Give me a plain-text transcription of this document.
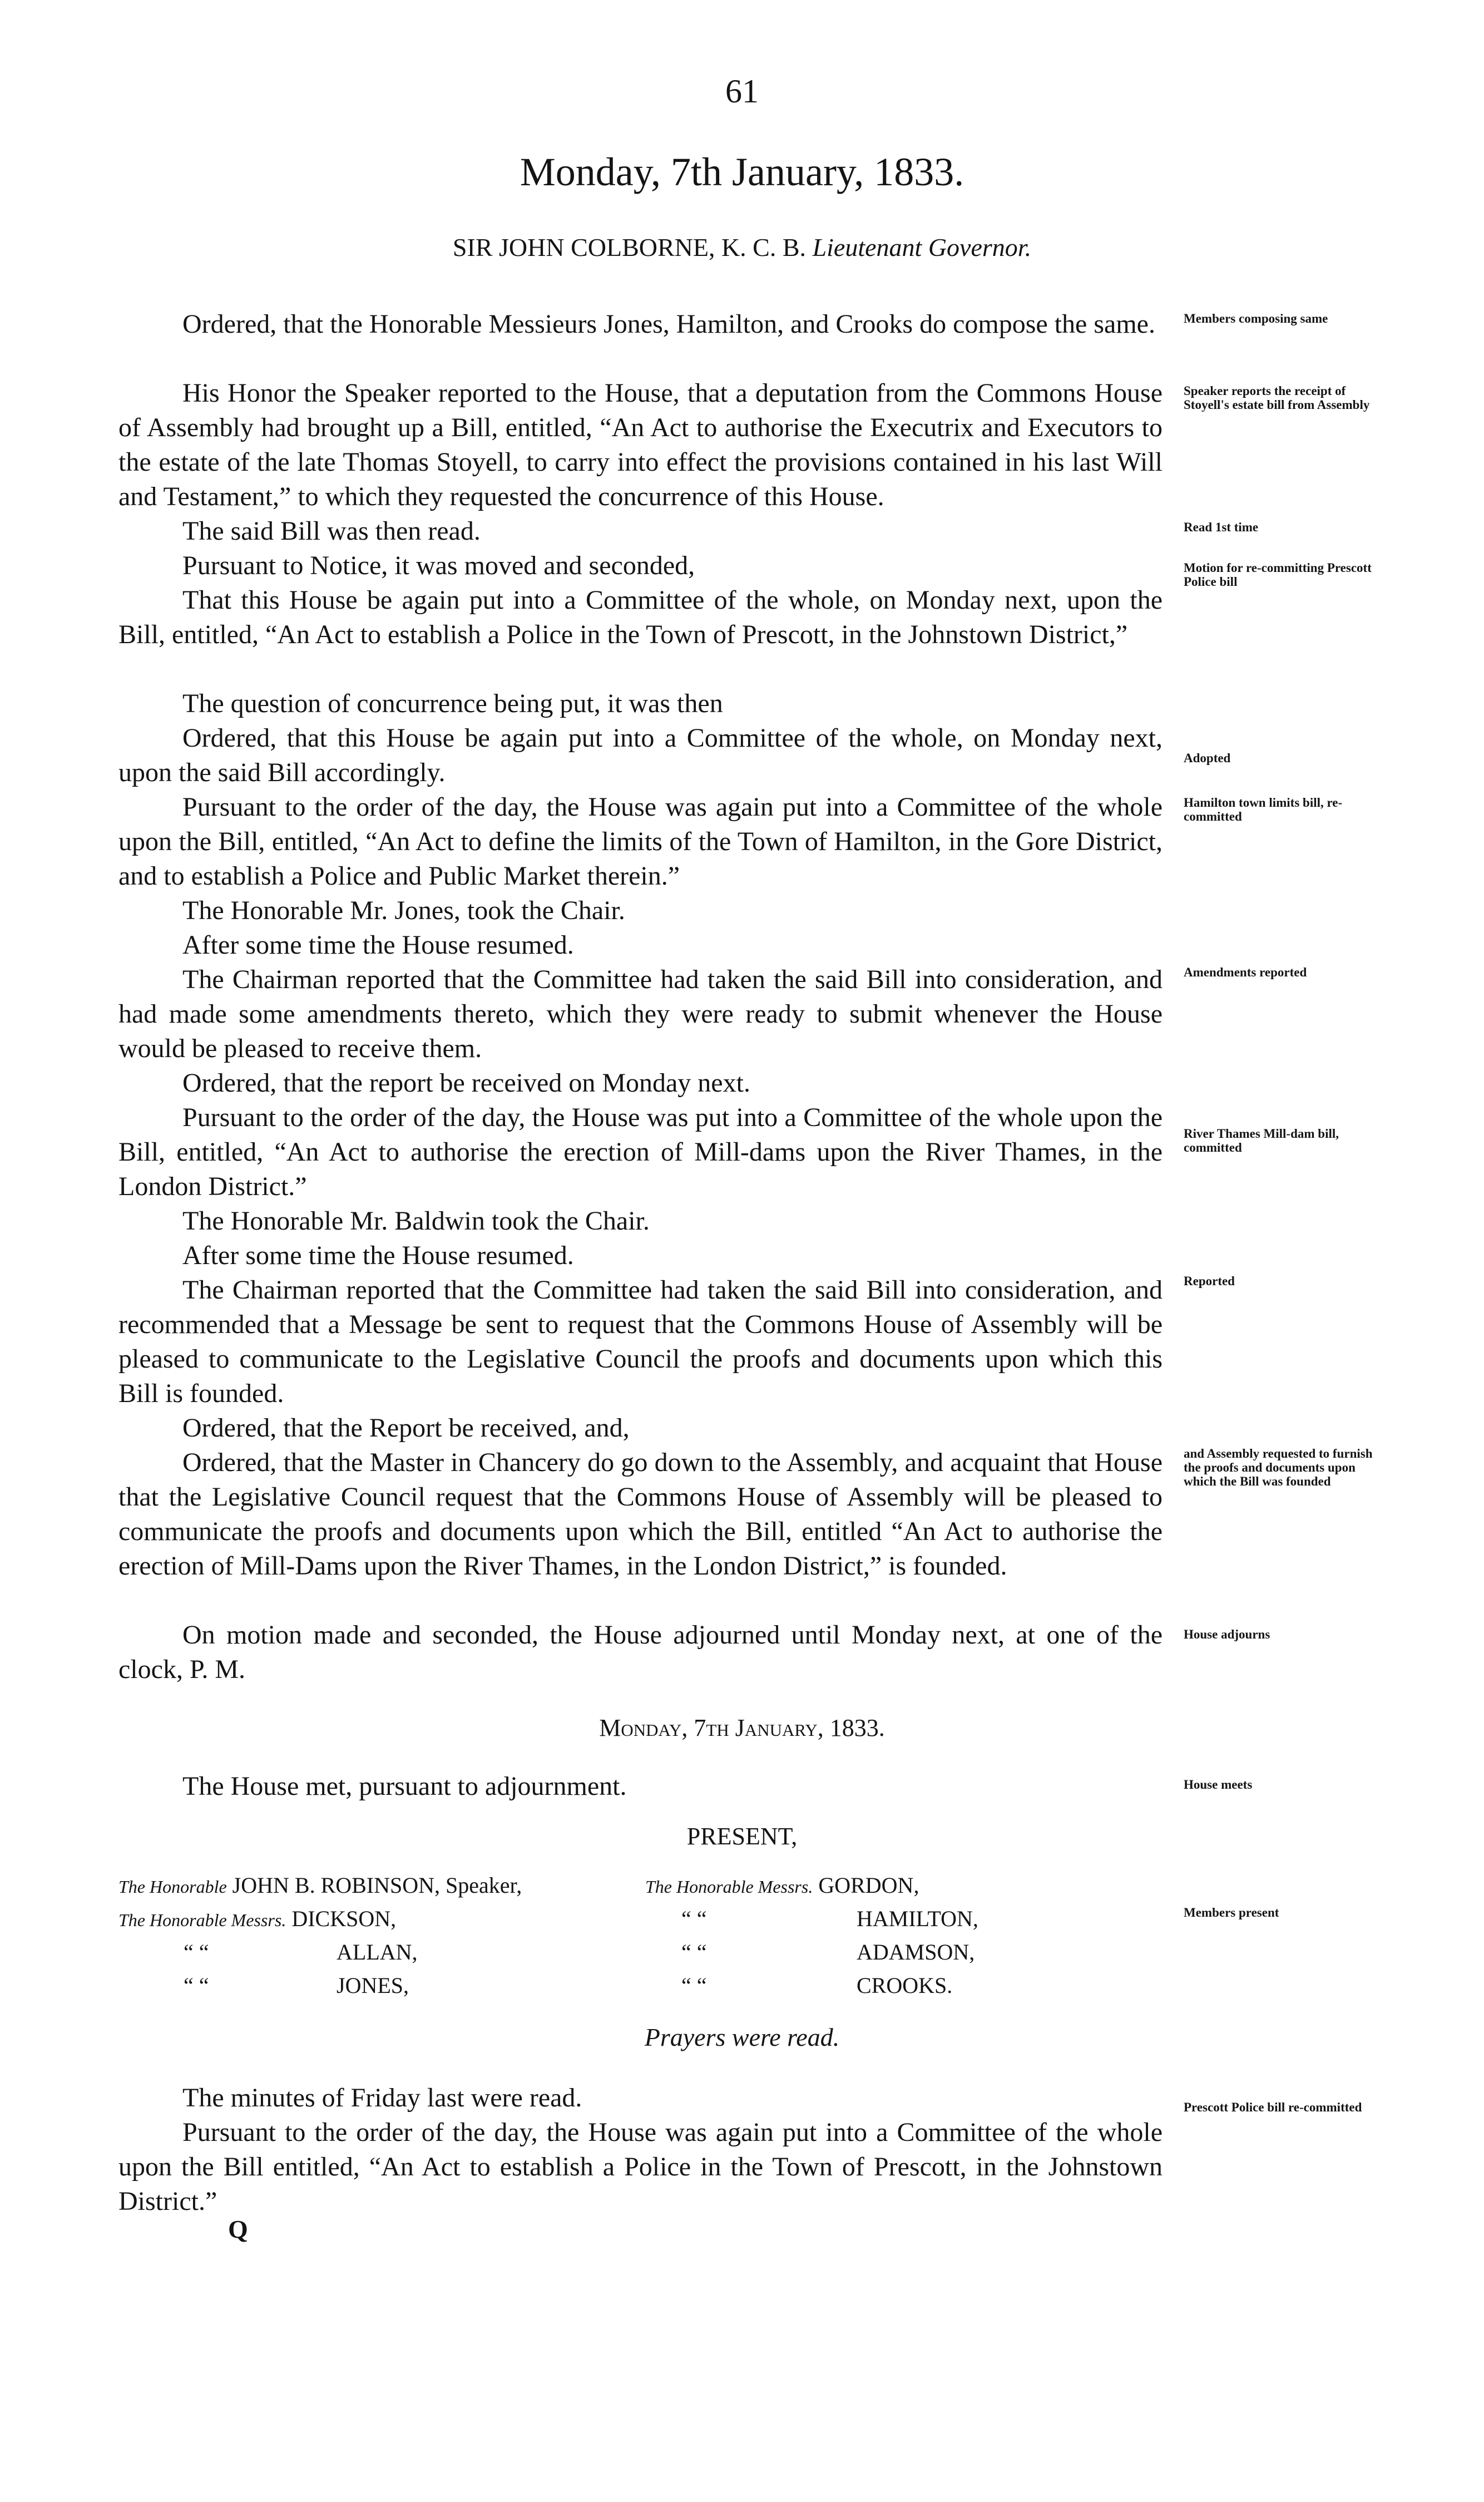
61
Monday, 7th January, 1833.
SIR JOHN COLBORNE, K. C. B. Lieutenant Governor.

Ordered, that the Honorable Messieurs Jones, Hamilton, and Crooks do compose the same.

His Honor the Speaker reported to the House, that a deputation from the Commons House of Assembly had brought up a Bill, entitled, “An Act to authorise the Executrix and Executors to the estate of the late Thomas Stoyell, to carry into effect the provisions contained in his last Will and Testament,” to which they requested the concurrence of this House.

The said Bill was then read.

Pursuant to Notice, it was moved and seconded,

That this House be again put into a Committee of the whole, on Monday next, upon the Bill, entitled, “An Act to establish a Police in the Town of Prescott, in the Johnstown District,”

The question of concurrence being put, it was then

Ordered, that this House be again put into a Committee of the whole, on Monday next, upon the said Bill accordingly.

Pursuant to the order of the day, the House was again put into a Committee of the whole upon the Bill, entitled, “An Act to define the limits of the Town of Hamilton, in the Gore District, and to establish a Police and Public Market therein.”

The Honorable Mr. Jones, took the Chair.

After some time the House resumed.

The Chairman reported that the Committee had taken the said Bill into consideration, and had made some amendments thereto, which they were ready to submit whenever the House would be pleased to receive them.

Ordered, that the report be received on Monday next.

Pursuant to the order of the day, the House was put into a Committee of the whole upon the Bill, entitled, “An Act to authorise the erection of Mill-dams upon the River Thames, in the London District.”

The Honorable Mr. Baldwin took the Chair.

After some time the House resumed.

The Chairman reported that the Committee had taken the said Bill into consideration, and recommended that a Message be sent to request that the Commons House of Assembly will be pleased to communicate to the Legislative Council the proofs and documents upon which this Bill is founded.

Ordered, that the Report be received, and,

Ordered, that the Master in Chancery do go down to the Assembly, and acquaint that House that the Legislative Council request that the Commons House of Assembly will be pleased to communicate the proofs and documents upon which the Bill, entitled “An Act to authorise the erection of Mill-Dams upon the River Thames, in the London District,” is founded.

On motion made and seconded, the House adjourned until Monday next, at one of the clock, P. M.

Monday, 7th January, 1833.

The House met, pursuant to adjournment.

PRESENT,
The Honorable JOHN B. ROBINSON, Speaker,	The Honorable Messrs. GORDON,
The Honorable Messrs. DICKSON,	“ “	HAMILTON,
“ “	ALLAN,	“ “	ADAMSON,
“ “	JONES,	“ “	CROOKS.
Prayers were read.

The minutes of Friday last were read.

Pursuant to the order of the day, the House was again put into a Committee of the whole upon the Bill entitled, “An Act to establish a Police in the Town of Prescott, in the Johnstown District.”

Q
Members composing same
Speaker reports the receipt of Stoyell's estate bill from Assembly
Read 1st time
Motion for re-committing Prescott Police bill
Adopted
Hamilton town limits bill, re-committed
Amendments reported
River Thames Mill-dam bill, committed
Reported
and Assembly requested to furnish the proofs and documents upon which the Bill was founded
House adjourns
House meets
Members present
Prescott Police bill re-committed
